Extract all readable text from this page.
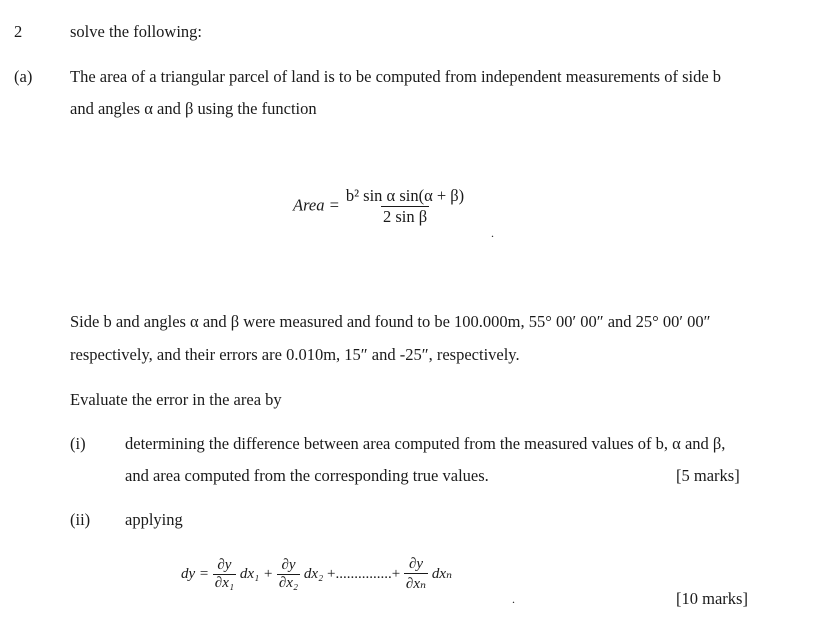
2	solve the following:
(a) The area of a triangular parcel of land is to be computed from independent measurements of side b
and angles α and β using the function
Area = $\frac{\text{b² sin α sin(α + β)}}{\text{2 sin β}}$
.
Side b and angles α and β were measured and found to be 100.000m, 55° 00′ 00″ and 25° 00′ 00″
respectively, and their errors are 0.010m, 15″ and -25″, respectively.
Evaluate the error in the area by
(i) determining the difference between area computed from the measured values of b, α and β,
and area computed from the corresponding true values.	[5 marks]
(ii) applying
dy = $\frac{\partial y}{\text{∂x₁}} dx_1 + \frac{\partial y}{\text{∂x₂}} dx_2$ +...............+ $\frac{\partial y}{\text{∂xₙ}}$ dxₙ
.	[10 marks]
